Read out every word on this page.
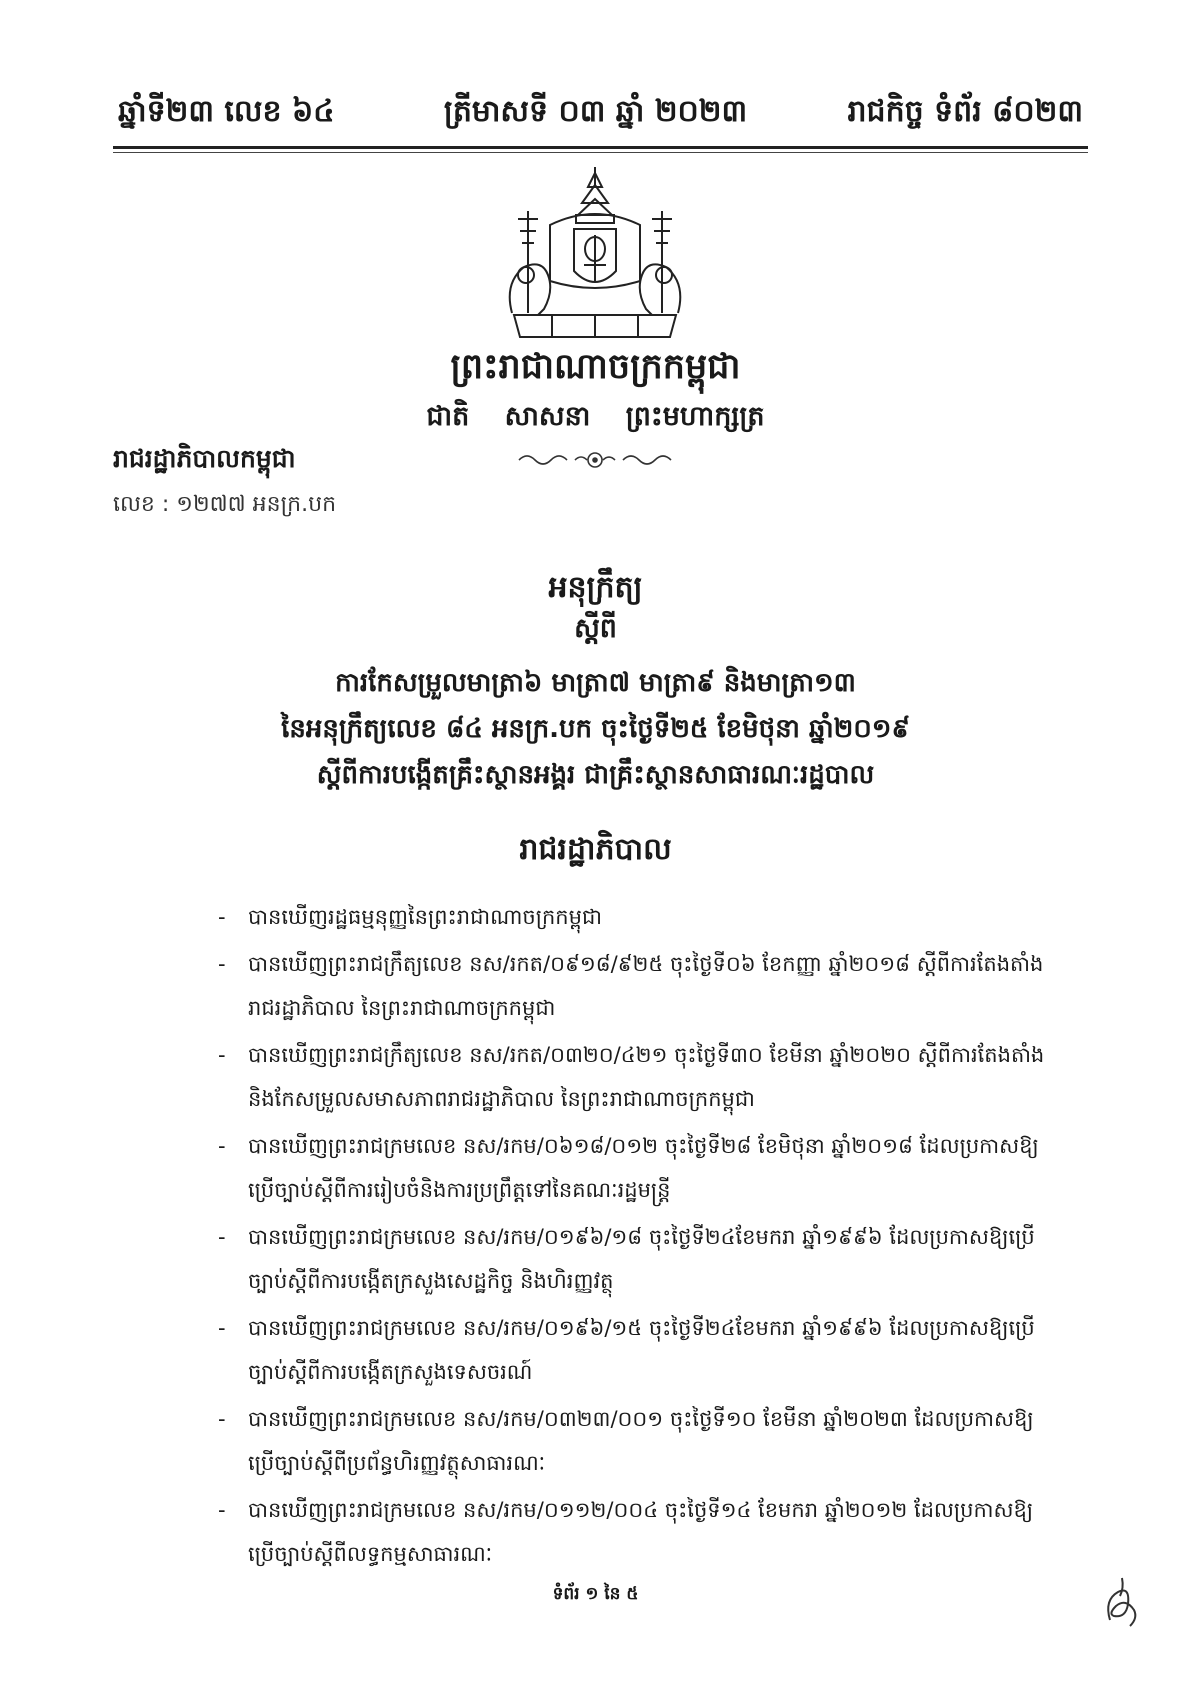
ឆ្នាំទី២៣ លេខ ៦៤	ត្រីមាសទី ០៣ ឆ្នាំ ២០២៣	រាជកិច្ច ទំព័រ ៨០២៣
ព្រះរាជាណាចក្រកម្ពុជា
ជាតិ សាសនា ព្រះមហាក្សត្រ
រាជរដ្ឋាភិបាលកម្ពុជា
លេខ : ១២៧៧ អនក្រ.បក
អនុក្រឹត្យ
ស្តីពី
ការកែសម្រួលមាត្រា៦ មាត្រា៧ មាត្រា៩ និងមាត្រា១៣
នៃអនុក្រឹត្យលេខ ៨៤ អនក្រ.បក ចុះថ្ងៃទី២៥ ខែមិថុនា ឆ្នាំ២០១៩
ស្តីពីការបង្កើតគ្រឹះស្ថានអង្គរ ជាគ្រឹះស្ថានសាធារណៈរដ្ឋបាល
រាជរដ្ឋាភិបាល
- បានឃើញរដ្ឋធម្មនុញ្ញនៃព្រះរាជាណាចក្រកម្ពុជា
- បានឃើញព្រះរាជក្រឹត្យលេខ នស/រកត/០៩១៨/៩២៥ ចុះថ្ងៃទី០៦ ខែកញ្ញា ឆ្នាំ២០១៨ ស្តីពីការតែងតាំងរាជរដ្ឋាភិបាល នៃព្រះរាជាណាចក្រកម្ពុជា
- បានឃើញព្រះរាជក្រឹត្យលេខ នស/រកត/០៣២០/៤២១ ចុះថ្ងៃទី៣០ ខែមីនា ឆ្នាំ២០២០ ស្តីពីការតែងតាំង និងកែសម្រួលសមាសភាពរាជរដ្ឋាភិបាល នៃព្រះរាជាណាចក្រកម្ពុជា
- បានឃើញព្រះរាជក្រមលេខ នស/រកម/០៦១៨/០១២ ចុះថ្ងៃទី២៨ ខែមិថុនា ឆ្នាំ២០១៨ ដែលប្រកាសឱ្យប្រើច្បាប់ស្តីពីការរៀបចំនិងការប្រព្រឹត្តទៅនៃគណៈរដ្ឋមន្ត្រី
- បានឃើញព្រះរាជក្រមលេខ នស/រកម/០១៩៦/១៨ ចុះថ្ងៃទី២៤ខែមករា ឆ្នាំ១៩៩៦ ដែលប្រកាសឱ្យប្រើច្បាប់ស្តីពីការបង្កើតក្រសួងសេដ្ឋកិច្ច និងហិរញ្ញវត្ថុ
- បានឃើញព្រះរាជក្រមលេខ នស/រកម/០១៩៦/១៥ ចុះថ្ងៃទី២៤ខែមករា ឆ្នាំ១៩៩៦ ដែលប្រកាសឱ្យប្រើច្បាប់ស្តីពីការបង្កើតក្រសួងទេសចរណ៍
- បានឃើញព្រះរាជក្រមលេខ នស/រកម/០៣២៣/០០១ ចុះថ្ងៃទី១០ ខែមីនា ឆ្នាំ២០២៣ ដែលប្រកាសឱ្យប្រើច្បាប់ស្តីពីប្រព័ន្ធហិរញ្ញវត្ថុសាធារណៈ
- បានឃើញព្រះរាជក្រមលេខ នស/រកម/០១១២/០០៤ ចុះថ្ងៃទី១៤ ខែមករា ឆ្នាំ២០១២ ដែលប្រកាសឱ្យប្រើច្បាប់ស្តីពីលទ្ធកម្មសាធារណៈ
ទំព័រ ១ នៃ ៥
